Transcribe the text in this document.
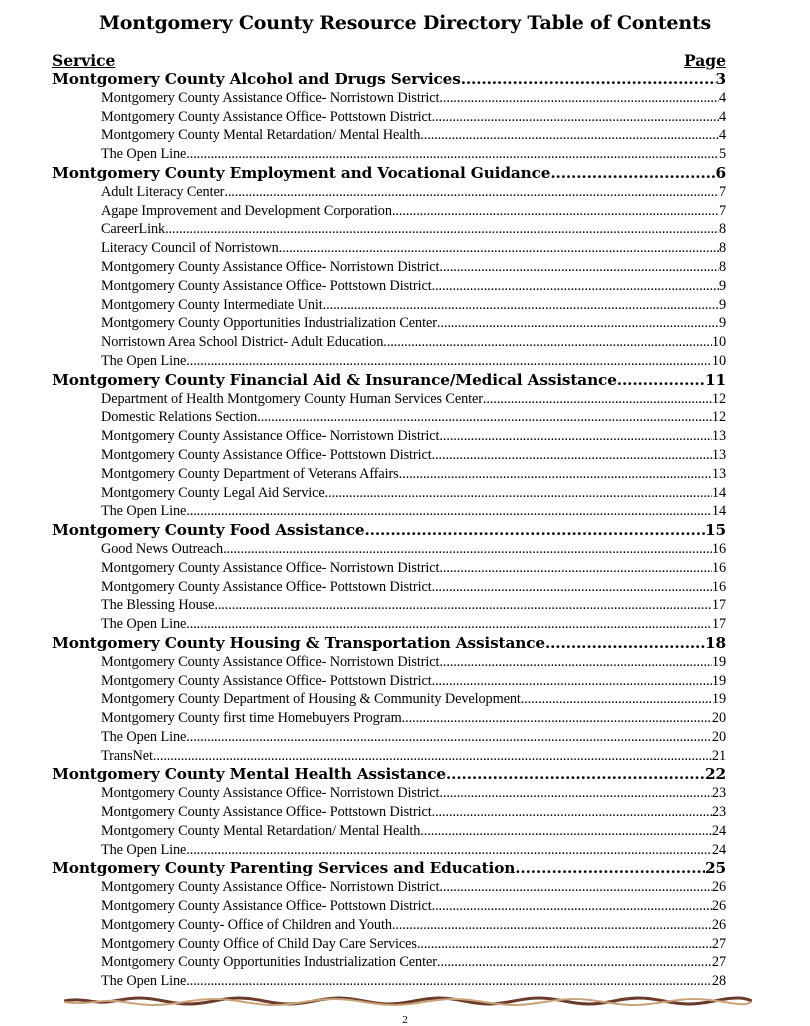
Montgomery County Resource Directory Table of Contents
Service	Page
Montgomery County Alcohol and Drugs Services .....	3
Montgomery County Assistance Office- Norristown District .....	4
Montgomery County Assistance Office- Pottstown District .....	4
Montgomery County Mental Retardation/ Mental Health .....	4
The Open Line .....	5
Montgomery County Employment and Vocational Guidance .....	6
Adult Literacy Center .....	7
Agape Improvement and Development Corporation .....	7
CareerLink .....	8
Literacy Council of Norristown .....	8
Montgomery County Assistance Office- Norristown District .....	8
Montgomery County Assistance Office- Pottstown District .....	9
Montgomery County Intermediate Unit .....	9
Montgomery County Opportunities Industrialization Center .....	9
Norristown Area School District- Adult Education .....	10
The Open Line .....	10
Montgomery County Financial Aid & Insurance/Medical Assistance .....	11
Department of Health Montgomery County Human Services Center .....	12
Domestic Relations Section .....	12
Montgomery County Assistance Office- Norristown District .....	13
Montgomery County Assistance Office- Pottstown District .....	13
Montgomery County Department of Veterans Affairs .....	13
Montgomery County Legal Aid Service .....	14
The Open Line .....	14
Montgomery County Food Assistance .....	15
Good News Outreach .....	16
Montgomery County Assistance Office- Norristown District .....	16
Montgomery County Assistance Office- Pottstown District .....	16
The Blessing House .....	17
The Open Line .....	17
Montgomery County Housing & Transportation Assistance .....	18
Montgomery County Assistance Office- Norristown District .....	19
Montgomery County Assistance Office- Pottstown District .....	19
Montgomery County Department of Housing & Community Development .....	19
Montgomery County first time Homebuyers Program .....	20
The Open Line .....	20
TransNet .....	21
Montgomery County Mental Health Assistance .....	22
Montgomery County Assistance Office- Norristown District .....	23
Montgomery County Assistance Office- Pottstown District .....	23
Montgomery County Mental Retardation/ Mental Health .....	24
The Open Line .....	24
Montgomery County Parenting Services and Education .....	25
Montgomery County Assistance Office- Norristown District .....	26
Montgomery County Assistance Office- Pottstown District .....	26
Montgomery County- Office of Children and Youth .....	26
Montgomery County Office of Child Day Care Services .....	27
Montgomery County Opportunities Industrialization Center .....	27
The Open Line .....	28
2
